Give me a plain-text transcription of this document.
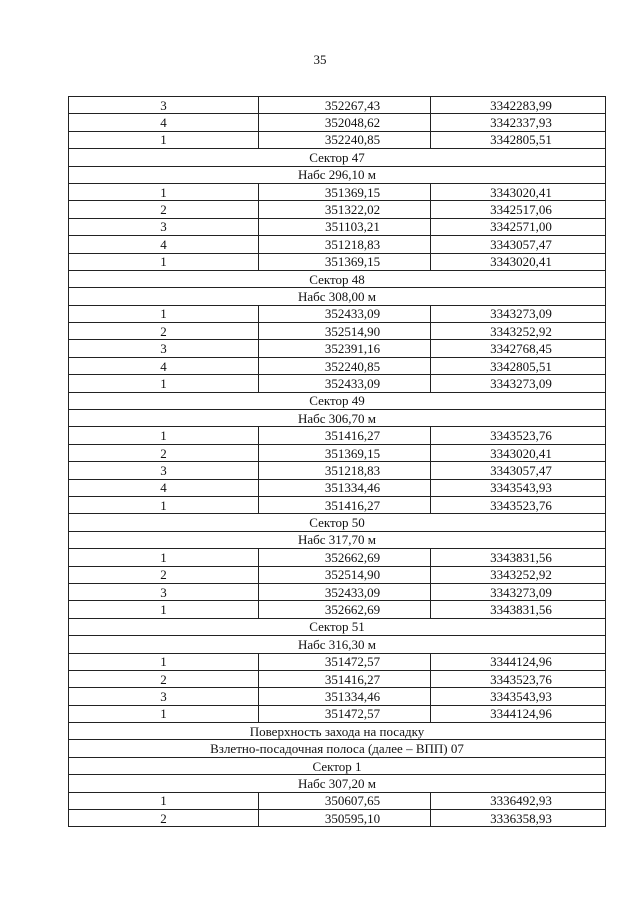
35
3	352267,43	3342283,99
4	352048,62	3342337,93
1	352240,85	3342805,51
Сектор 47		
Набс 296,10 м		
1	351369,15	3343020,41
2	351322,02	3342517,06
3	351103,21	3342571,00
4	351218,83	3343057,47
1	351369,15	3343020,41
Сектор 48		
Набс 308,00 м		
1	352433,09	3343273,09
2	352514,90	3343252,92
3	352391,16	3342768,45
4	352240,85	3342805,51
1	352433,09	3343273,09
Сектор 49		
Набс 306,70 м		
1	351416,27	3343523,76
2	351369,15	3343020,41
3	351218,83	3343057,47
4	351334,46	3343543,93
1	351416,27	3343523,76
Сектор 50		
Набс 317,70 м		
1	352662,69	3343831,56
2	352514,90	3343252,92
3	352433,09	3343273,09
1	352662,69	3343831,56
Сектор 51		
Набс 316,30 м		
1	351472,57	3344124,96
2	351416,27	3343523,76
3	351334,46	3343543,93
1	351472,57	3344124,96
Поверхность захода на посадку		
Взлетно-посадочная полоса (далее – ВПП) 07		
Сектор 1		
Набс 307,20 м		
1	350607,65	3336492,93
2	350595,10	3336358,93
